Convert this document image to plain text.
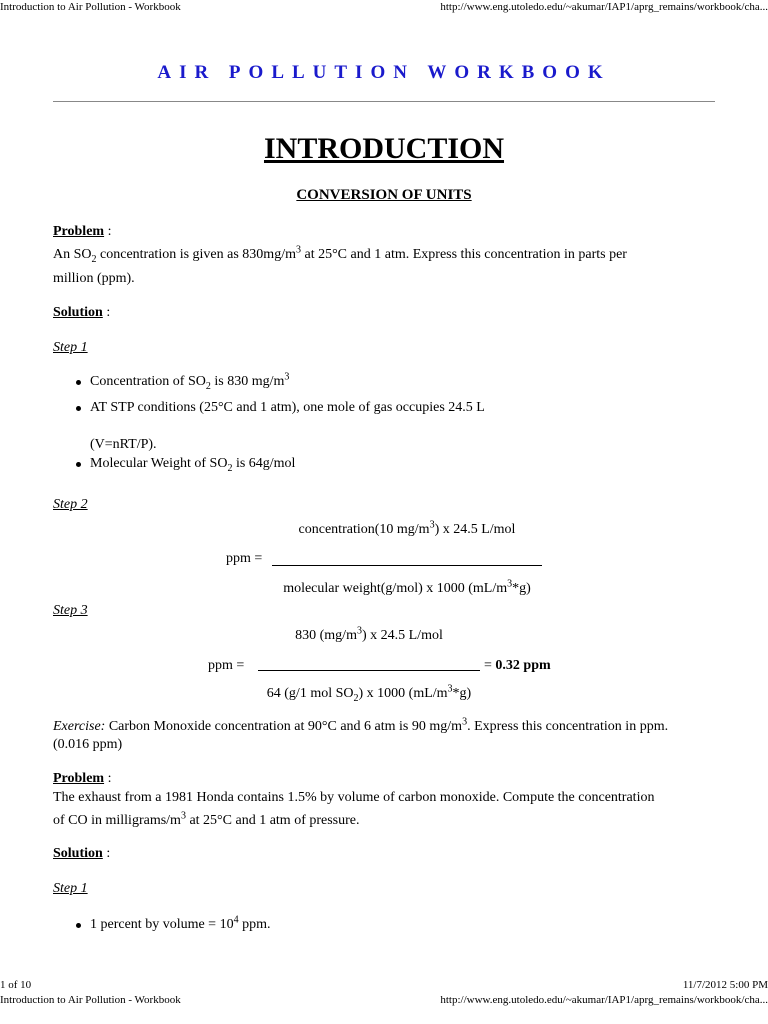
Introduction to Air Pollution - Workbook	http://www.eng.utoledo.edu/~akumar/IAP1/aprg_remains/workbook/cha...
AIR POLLUTION WORKBOOK
INTRODUCTION
CONVERSION OF UNITS
Problem :
An $SO_2$ concentration is given as $830mg/m^3$ at 25°C and 1 atm. Express this concentration in parts per
million (ppm).
Solution :
Step 1
Concentration of $SO_2$ is 830 $mg/m^3$
AT STP conditions (25°C and 1 atm), one mole of gas occupies 24.5 L
(V=nRT/P).
Molecular Weight of $SO_2$ is 64g/mol
Step 2
concentration(10 $mg/m^3$) x 24.5 L/mol
ppm =
molecular weight(g/mol) x 1000 $(mL/m^3*g)$
Step 3
830 $(mg/m^3)$ x 24.5 L/mol
ppm =	= 0.32 ppm
64 (g/1 mol $SO_2$) x 1000 $(mL/m^3*g)$
Exercise: Carbon Monoxide concentration at 90°C and 6 atm is 90 $mg/m^3$. Express this concentration in ppm.
(0.016 ppm)
Problem :
The exhaust from a 1981 Honda contains 1.5% by volume of carbon monoxide. Compute the concentration
of CO in milligrams/$m^3$ at 25°C and 1 atm of pressure.
Solution :
Step 1
1 percent by volume = $10^4$ ppm.
1 of 10	11/7/2012 5:00 PM
Introduction to Air Pollution - Workbook	http://www.eng.utoledo.edu/~akumar/IAP1/aprg_remains/workbook/cha...
